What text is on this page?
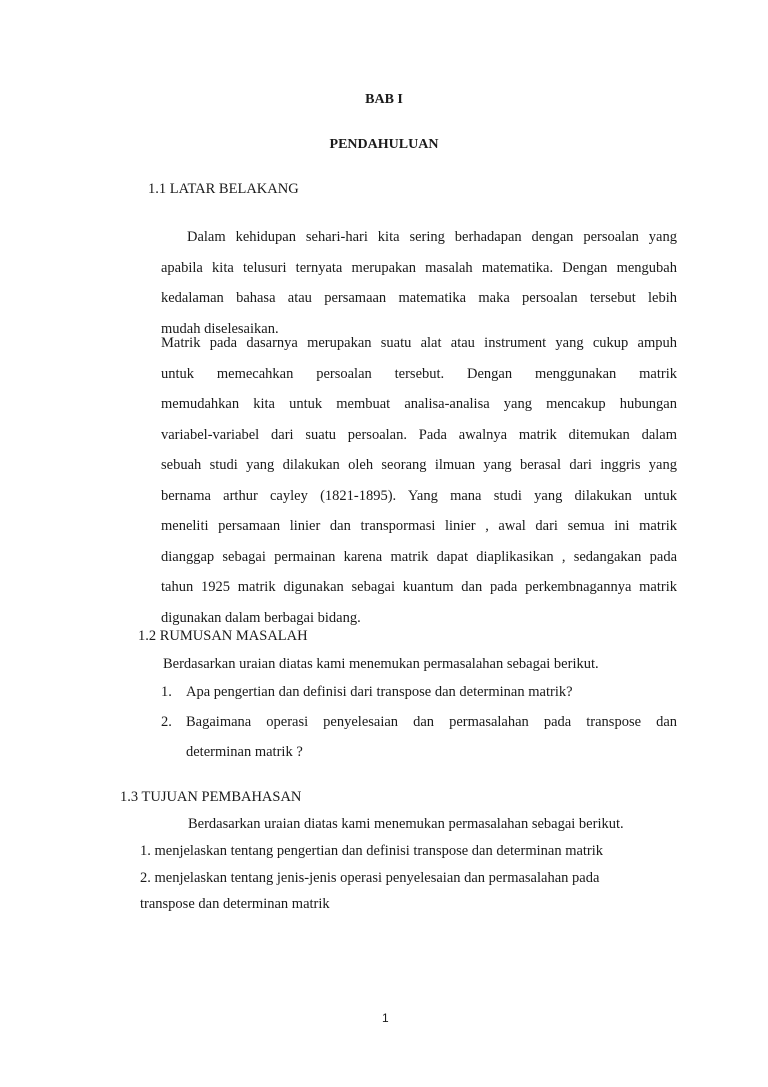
BAB I
PENDAHULUAN
1.1 LATAR BELAKANG
Dalam kehidupan sehari-hari kita sering berhadapan dengan persoalan yang
apabila kita telusuri ternyata merupakan masalah matematika. Dengan mengubah
kedalaman bahasa atau persamaan matematika maka persoalan tersebut lebih
mudah diselesaikan.
Matrik pada dasarnya merupakan suatu alat atau instrument yang cukup ampuh
untuk memecahkan persoalan tersebut. Dengan menggunakan matrik
memudahkan kita untuk membuat analisa-analisa yang mencakup hubungan
variabel-variabel dari suatu persoalan. Pada awalnya matrik ditemukan dalam
sebuah studi yang dilakukan oleh seorang ilmuan yang berasal dari inggris yang
bernama arthur cayley (1821-1895). Yang mana studi yang dilakukan untuk
meneliti persamaan linier dan transpormasi linier , awal dari semua ini matrik
dianggap sebagai permainan karena matrik dapat diaplikasikan , sedangakan pada
tahun 1925 matrik digunakan sebagai kuantum dan pada perkembnagannya matrik
digunakan dalam berbagai bidang.
1.2 RUMUSAN MASALAH
Berdasarkan uraian diatas kami menemukan permasalahan sebagai berikut.
1. Apa pengertian dan definisi dari transpose dan determinan matrik?
2. Bagaimana operasi penyelesaian dan permasalahan pada transpose dan
determinan matrik ?
1.3 TUJUAN PEMBAHASAN
Berdasarkan uraian diatas kami menemukan permasalahan sebagai berikut.
1. menjelaskan tentang pengertian dan definisi transpose dan determinan matrik
2. menjelaskan tentang jenis-jenis operasi penyelesaian dan permasalahan pada
transpose dan determinan matrik
1
